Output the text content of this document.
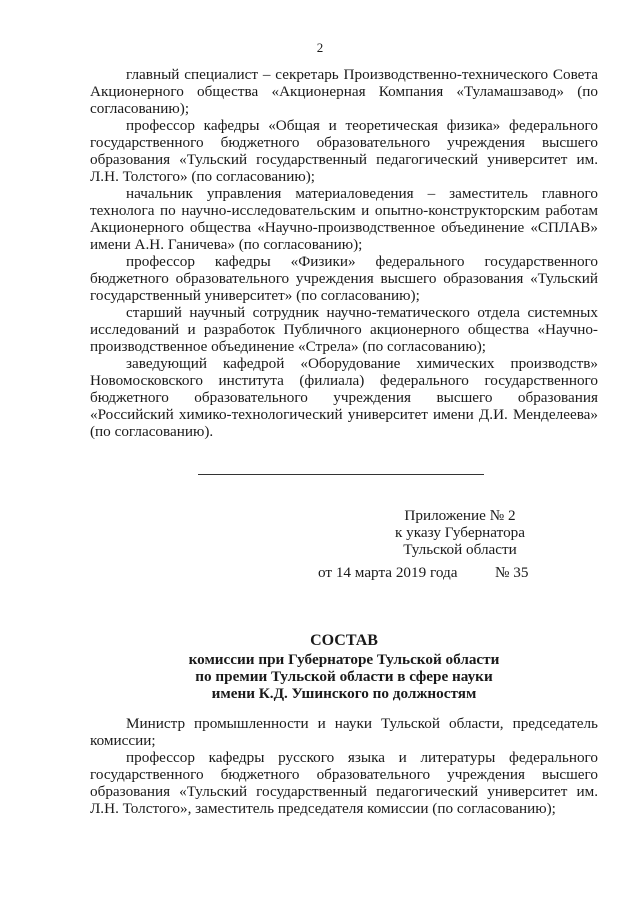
2

главный специалист – секретарь Производственно-технического Совета Акционерного общества «Акционерная Компания «Туламашзавод» (по согласованию);

профессор кафедры «Общая и теоретическая физика» федерального государственного бюджетного образовательного учреждения высшего образования «Тульский государственный педагогический университет им. Л.Н. Толстого» (по согласованию);

начальник управления материаловедения – заместитель главного технолога по научно-исследовательским и опытно-конструкторским работам Акционерного общества «Научно-производственное объединение «СПЛАВ» имени А.Н. Ганичева» (по согласованию);

профессор кафедры «Физики» федерального государственного бюджетного образовательного учреждения высшего образования «Тульский государственный университет» (по согласованию);

старший научный сотрудник научно-тематического отдела системных исследований и разработок Публичного акционерного общества «Научно-производственное объединение «Стрела» (по согласованию);

заведующий кафедрой «Оборудование химических производств» Новомосковского института (филиала) федерального государственного бюджетного образовательного учреждения высшего образования «Российский химико-технологический университет имени Д.И. Менделеева» (по согласованию).

Приложение № 2
к указу Губернатора
Тульской области
от 14 марта 2019 года № 35
СОСТАВ
комиссии при Губернаторе Тульской области
по премии Тульской области в сфере науки
имени К.Д. Ушинского по должностям

Министр промышленности и науки Тульской области, председатель комиссии;

профессор кафедры русского языка и литературы федерального государственного бюджетного образовательного учреждения высшего образования «Тульский государственный педагогический университет им. Л.Н. Толстого», заместитель председателя комиссии (по согласованию);
